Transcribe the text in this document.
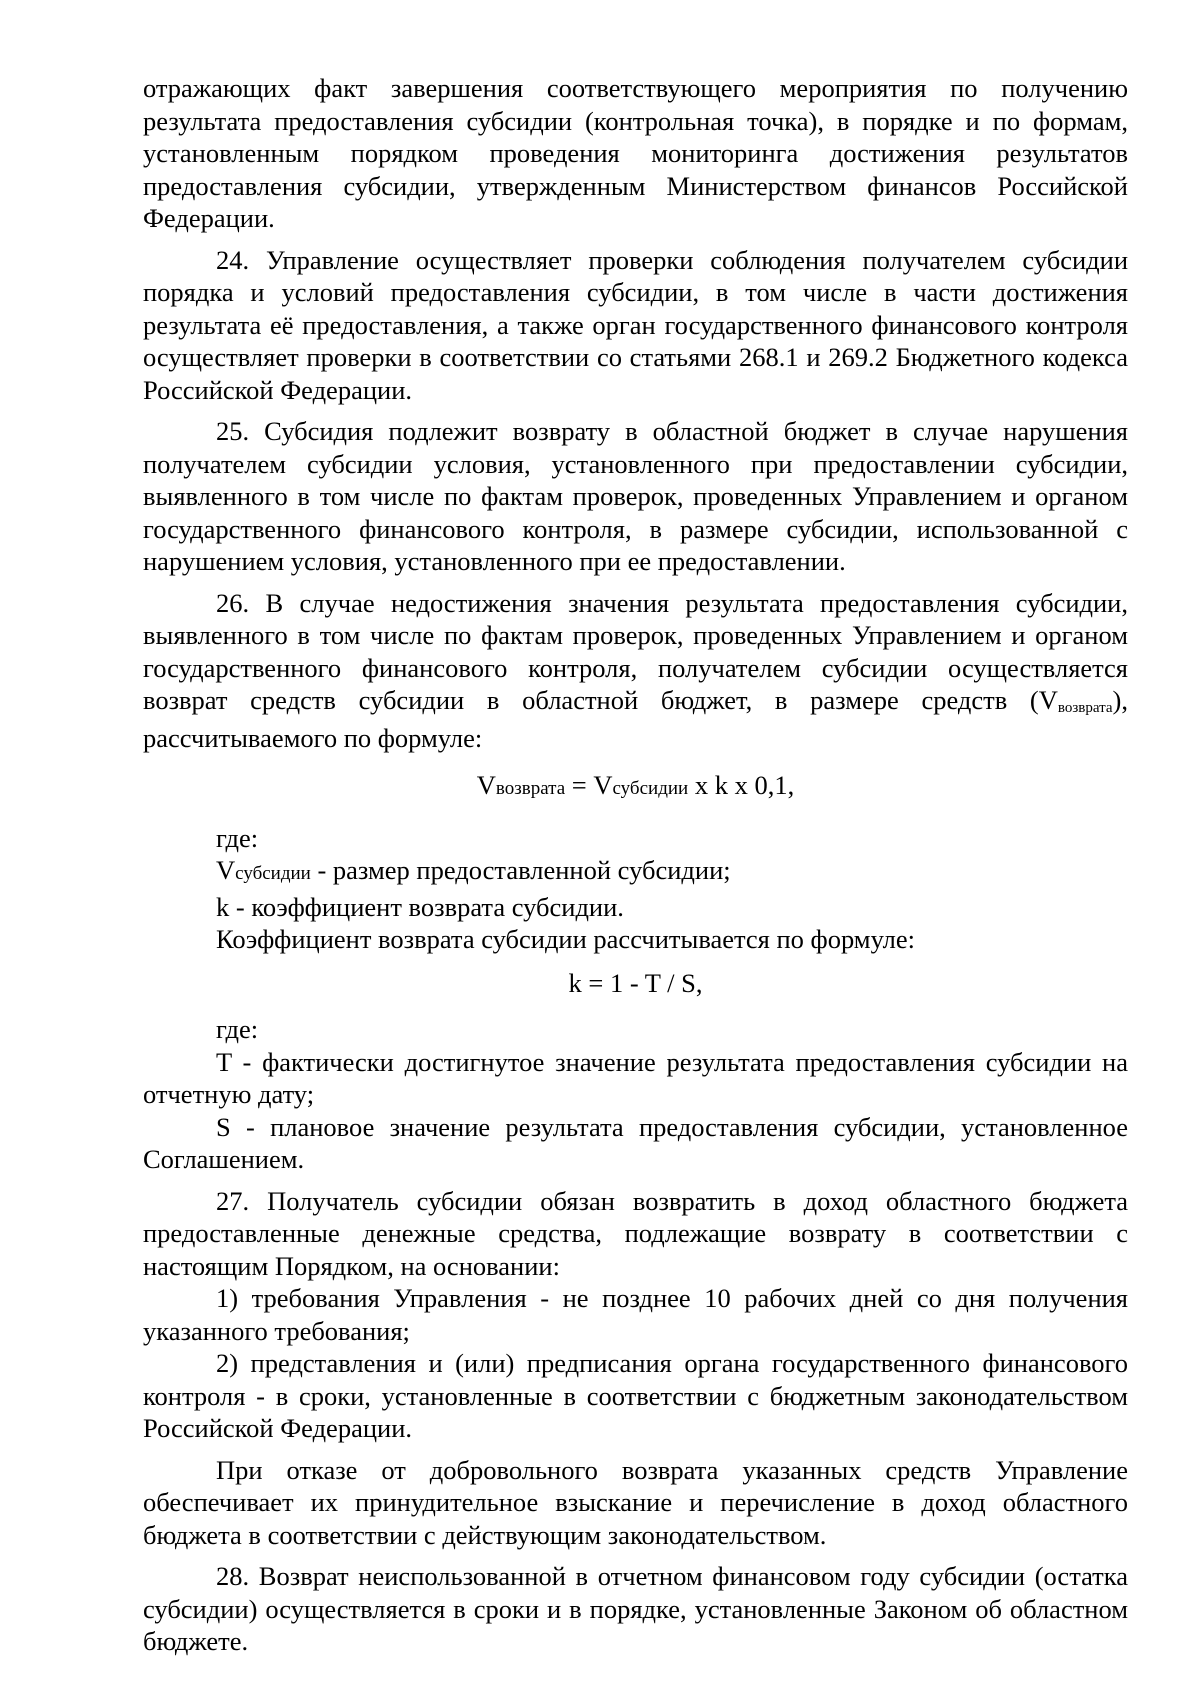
отражающих факт завершения соответствующего мероприятия по получению результата предоставления субсидии (контрольная точка), в порядке и по формам, установленным порядком проведения мониторинга достижения результатов предоставления субсидии, утвержденным Министерством финансов Российской Федерации.

24. Управление осуществляет проверки соблюдения получателем субсидии порядка и условий предоставления субсидии, в том числе в части достижения результата её предоставления, а также орган государственного финансового контроля осуществляет проверки в соответствии со статьями 268.1 и 269.2 Бюджетного кодекса Российской Федерации.

25. Субсидия подлежит возврату в областной бюджет в случае нарушения получателем субсидии условия, установленного при предоставлении субсидии, выявленного в том числе по фактам проверок, проведенных Управлением и органом государственного финансового контроля, в размере субсидии, использованной с нарушением условия, установленного при ее предоставлении.

26. В случае недостижения значения результата предоставления субсидии, выявленного в том числе по фактам проверок, проведенных Управлением и органом государственного финансового контроля, получателем субсидии осуществляется возврат средств субсидии в областной бюджет, в размере средств $(V_{возврата})$, рассчитываемого по формуле:

Vвозврата = Vсубсидии x k x 0,1,

где:

Vсубсидии - размер предоставленной субсидии;

k - коэффициент возврата субсидии.

Коэффициент возврата субсидии рассчитывается по формуле:

k = 1 - T / S,

где:

T - фактически достигнутое значение результата предоставления субсидии на отчетную дату;

S - плановое значение результата предоставления субсидии, установленное Соглашением.

27. Получатель субсидии обязан возвратить в доход областного бюджета предоставленные денежные средства, подлежащие возврату в соответствии с настоящим Порядком, на основании:

1) требования Управления - не позднее 10 рабочих дней со дня получения указанного требования;

2) представления и (или) предписания органа государственного финансового контроля - в сроки, установленные в соответствии с бюджетным законодательством Российской Федерации.

При отказе от добровольного возврата указанных средств Управление обеспечивает их принудительное взыскание и перечисление в доход областного бюджета в соответствии с действующим законодательством.

28. Возврат неиспользованной в отчетном финансовом году субсидии (остатка субсидии) осуществляется в сроки и в порядке, установленные Законом об областном бюджете.
